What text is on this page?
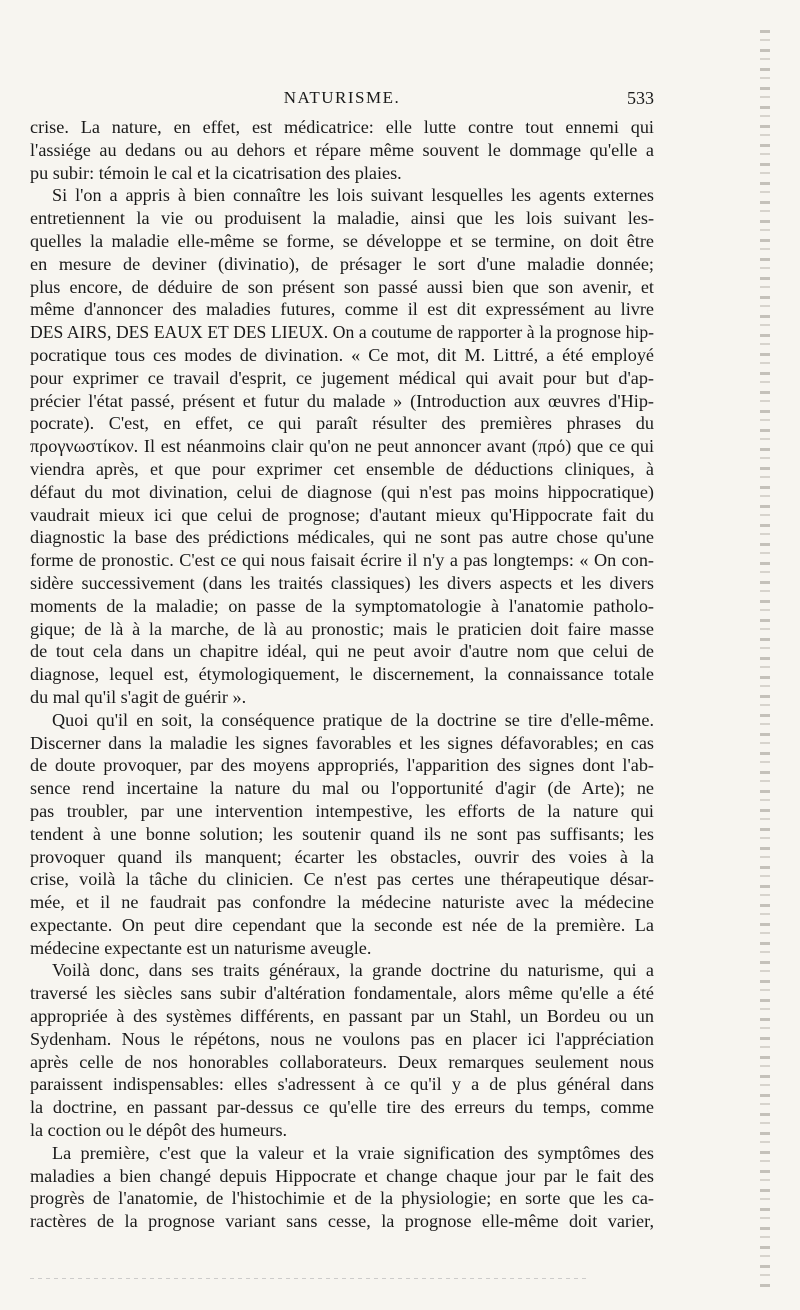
NATURISME.	533
crise. La nature, en effet, est médicatrice: elle lutte contre tout ennemi qui
l'assiége au dedans ou au dehors et répare même souvent le dommage qu'elle a
pu subir: témoin le cal et la cicatrisation des plaies.
Si l'on a appris à bien connaître les lois suivant lesquelles les agents externes
entretiennent la vie ou produisent la maladie, ainsi que les lois suivant les-
quelles la maladie elle-même se forme, se développe et se termine, on doit être
en mesure de deviner (divinatio), de présager le sort d'une maladie donnée;
plus encore, de déduire de son présent son passé aussi bien que son avenir, et
même d'annoncer des maladies futures, comme il est dit expressément au livre
DES AIRS, DES EAUX ET DES LIEUX. On a coutume de rapporter à la prognose hip-
pocratique tous ces modes de divination. « Ce mot, dit M. Littré, a été employé
pour exprimer ce travail d'esprit, ce jugement médical qui avait pour but d'ap-
précier l'état passé, présent et futur du malade » (Introduction aux œuvres d'Hip-
pocrate). C'est, en effet, ce qui paraît résulter des premières phrases du
προγνωστίκον. Il est néanmoins clair qu'on ne peut annoncer avant (πρό) que ce qui
viendra après, et que pour exprimer cet ensemble de déductions cliniques, à
défaut du mot divination, celui de diagnose (qui n'est pas moins hippocratique)
vaudrait mieux ici que celui de prognose; d'autant mieux qu'Hippocrate fait du
diagnostic la base des prédictions médicales, qui ne sont pas autre chose qu'une
forme de pronostic. C'est ce qui nous faisait écrire il n'y a pas longtemps: « On con-
sidère successivement (dans les traités classiques) les divers aspects et les divers
moments de la maladie; on passe de la symptomatologie à l'anatomie patholo-
gique; de là à la marche, de là au pronostic; mais le praticien doit faire masse
de tout cela dans un chapitre idéal, qui ne peut avoir d'autre nom que celui de
diagnose, lequel est, étymologiquement, le discernement, la connaissance totale
du mal qu'il s'agit de guérir ».
Quoi qu'il en soit, la conséquence pratique de la doctrine se tire d'elle-même.
Discerner dans la maladie les signes favorables et les signes défavorables; en cas
de doute provoquer, par des moyens appropriés, l'apparition des signes dont l'ab-
sence rend incertaine la nature du mal ou l'opportunité d'agir (de Arte); ne
pas troubler, par une intervention intempestive, les efforts de la nature qui
tendent à une bonne solution; les soutenir quand ils ne sont pas suffisants; les
provoquer quand ils manquent; écarter les obstacles, ouvrir des voies à la
crise, voilà la tâche du clinicien. Ce n'est pas certes une thérapeutique désar-
mée, et il ne faudrait pas confondre la médecine naturiste avec la médecine
expectante. On peut dire cependant que la seconde est née de la première. La
médecine expectante est un naturisme aveugle.
Voilà donc, dans ses traits généraux, la grande doctrine du naturisme, qui a
traversé les siècles sans subir d'altération fondamentale, alors même qu'elle a été
appropriée à des systèmes différents, en passant par un Stahl, un Bordeu ou un
Sydenham. Nous le répétons, nous ne voulons pas en placer ici l'appréciation
après celle de nos honorables collaborateurs. Deux remarques seulement nous
paraissent indispensables: elles s'adressent à ce qu'il y a de plus général dans
la doctrine, en passant par-dessus ce qu'elle tire des erreurs du temps, comme
la coction ou le dépôt des humeurs.
La première, c'est que la valeur et la vraie signification des symptômes des
maladies a bien changé depuis Hippocrate et change chaque jour par le fait des
progrès de l'anatomie, de l'histochimie et de la physiologie; en sorte que les ca-
ractères de la prognose variant sans cesse, la prognose elle-même doit varier,
